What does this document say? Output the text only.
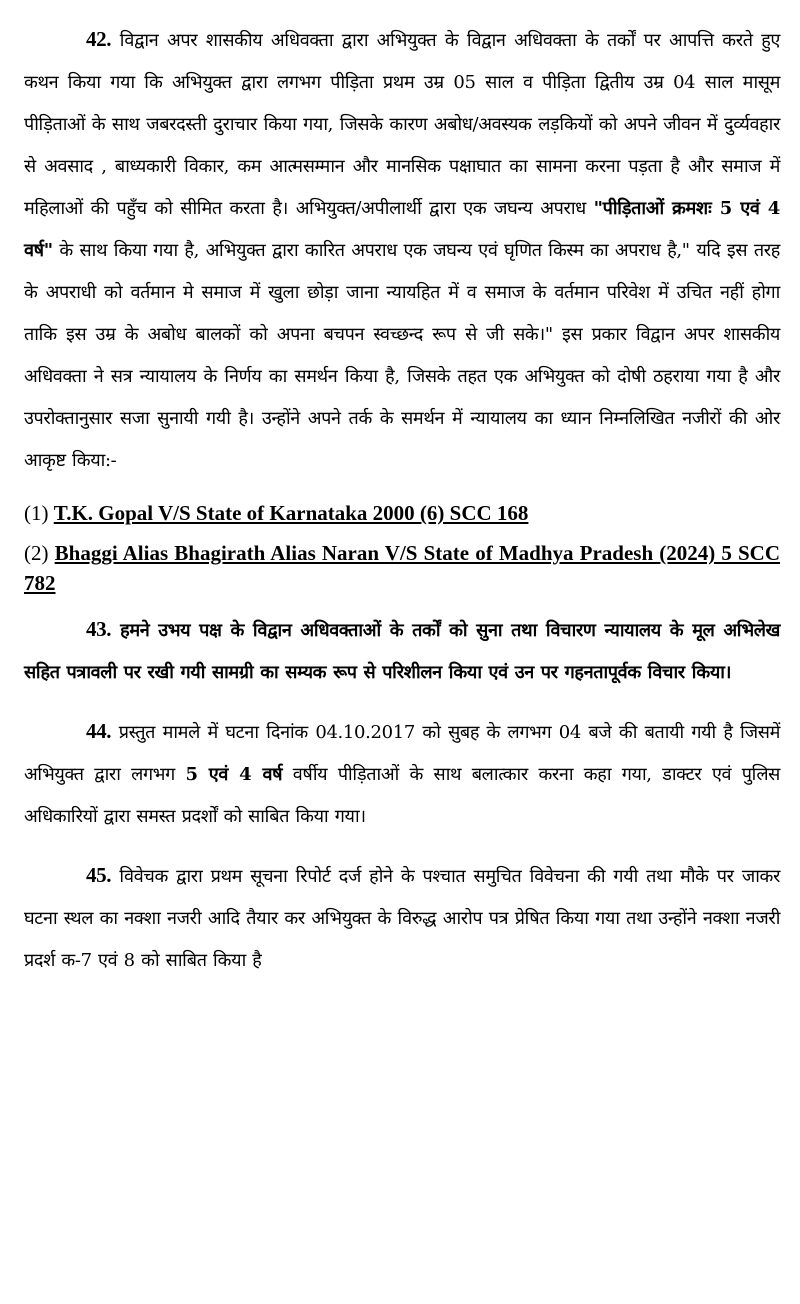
42. विद्वान अपर शासकीय अधिवक्ता द्वारा अभियुक्त के विद्वान अधिवक्ता के तर्कों पर आपत्ति करते हुए कथन किया गया कि अभियुक्त द्वारा लगभग पीड़िता प्रथम उम्र 05 साल व पीड़िता द्वितीय उम्र 04 साल मासूम पीड़िताओं के साथ जबरदस्ती दुराचार किया गया, जिसके कारण अबोध/अवस्यक लड़कियों को अपने जीवन में दुर्व्यवहार से अवसाद , बाध्यकारी विकार, कम आत्मसम्मान और मानसिक पक्षाघात का सामना करना पड़ता है और समाज में महिलाओं की पहुँच को सीमित करता है। अभियुक्त/अपीलार्थी द्वारा एक जघन्य अपराध "पीड़िताओं क्रमशः 5 एवं 4 वर्ष" के साथ किया गया है, अभियुक्त द्वारा कारित अपराध एक जघन्य एवं घृणित किस्म का अपराध है," यदि इस तरह के अपराधी को वर्तमान मे समाज में खुला छोड़ा जाना न्यायहित में व समाज के वर्तमान परिवेश में उचित नहीं होगा ताकि इस उम्र के अबोध बालकों को अपना बचपन स्वच्छन्द रूप से जी सके।" इस प्रकार विद्वान अपर शासकीय अधिवक्ता ने सत्र न्यायालय के निर्णय का समर्थन किया है, जिसके तहत एक अभियुक्त को दोषी ठहराया गया है और उपरोक्तानुसार सजा सुनायी गयी है। उन्होंने अपने तर्क के समर्थन में न्यायालय का ध्यान निम्नलिखित नजीरों की ओर आकृष्ट किया:-

(1) T.K. Gopal V/S State of Karnataka 2000 (6) SCC 168

(2) Bhaggi Alias Bhagirath Alias Naran V/S State of Madhya Pradesh (2024) 5 SCC 782

43. हमने उभय पक्ष के विद्वान अधिवक्ताओं के तर्कों को सुना तथा विचारण न्यायालय के मूल अभिलेख सहित पत्रावली पर रखी गयी सामग्री का सम्यक रूप से परिशीलन किया एवं उन पर गहनतापूर्वक विचार किया।

44. प्रस्तुत मामले में घटना दिनांक 04.10.2017 को सुबह के लगभग 04 बजे की बतायी गयी है जिसमें अभियुक्त द्वारा लगभग 5 एवं 4 वर्ष वर्षीय पीड़िताओं के साथ बलात्कार करना कहा गया, डाक्टर एवं पुलिस अधिकारियों द्वारा समस्त प्रदर्शों को साबित किया गया।

45. विवेचक द्वारा प्रथम सूचना रिपोर्ट दर्ज होने के पश्चात समुचित विवेचना की गयी तथा मौके पर जाकर घटना स्थल का नक्शा नजरी आदि तैयार कर अभियुक्त के विरुद्ध आरोप पत्र प्रेषित किया गया तथा उन्होंने नक्शा नजरी प्रदर्श क-7 एवं 8 को साबित किया है
